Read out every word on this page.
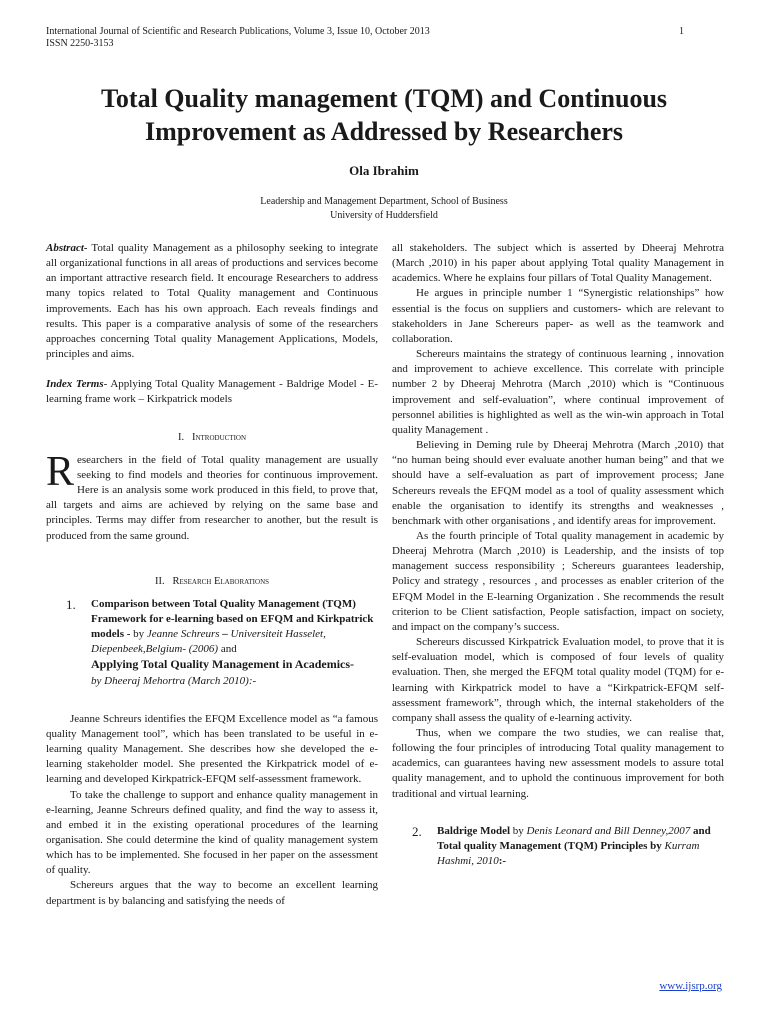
International Journal of Scientific and Research Publications, Volume 3, Issue 10, October 2013
ISSN 2250-3153
1
Total Quality management (TQM) and Continuous
Improvement as Addressed by Researchers
Ola Ibrahim
Leadership and Management Department, School of Business
University of Huddersfield

Abstract- Total quality Management as a philosophy seeking to integrate all organizational functions in all areas of productions and services become an important attractive research field. It encourage Researchers to address many topics related to Total Quality management and Continuous improvements. Each has his own approach. Each reveals findings and results. This paper is a comparative analysis of some of the researchers approaches concerning Total quality Management Applications, Models, principles and aims.

Index Terms- Applying Total Quality Management - Baldrige Model - E- learning frame work – Kirkpatrick models

I. Introduction

Researchers in the field of Total quality management are usually seeking to find models and theories for continuous improvement. Here is an analysis some work produced in this field, to prove that, all targets and aims are achieved by relying on the same base and principles. Terms may differ from researcher to another, but the result is produced from the same ground.

II. Research Elaborations

1.	Comparison between Total Quality Management (TQM) Framework for e-learning based on EFQM and Kirkpatrick models - by Jeanne Schreurs – Universiteit Hasselet, Diepenbeek,Belgium- (2006) and
Applying Total Quality Management in Academics-
by Dheeraj Mehortra (March 2010):-

Jeanne Schreurs identifies the EFQM Excellence model as “a famous quality Management tool”, which has been translated to be useful in e-learning quality Management. She describes how she developed the e-learning stakeholder model. She presented the Kirkpatrick model of e-learning and developed Kirkpatrick-EFQM self-assessment framework.

To take the challenge to support and enhance quality management in e-learning, Jeanne Schreurs defined quality, and find the way to assess it, and embed it in the existing operational procedures of the learning organisation. She could determine the kind of quality management system which has to be implemented. She focused in her paper on the assessment of quality.

Schereurs argues that the way to become an excellent learning department is by balancing and satisfying the needs of

all stakeholders. The subject which is asserted by Dheeraj Mehrotra (March ,2010) in his paper about applying Total quality Management in academics. Where he explains four pillars of Total Quality Management.

He argues in principle number 1 “Synergistic relationships” how essential is the focus on suppliers and customers- which are relevant to stakeholders in Jane Schereurs paper- as well as the teamwork and collaboration.

Schereurs maintains the strategy of continuous learning , innovation and improvement to achieve excellence. This correlate with principle number 2 by Dheeraj Mehrotra (March ,2010) which is “Continuous improvement and self-evaluation”, where continual improvement of personnel abilities is highlighted as well as the win-win approach in Total quality Management .

Believing in Deming rule by Dheeraj Mehrotra (March ,2010) that “no human being should ever evaluate another human being” and that we should have a self-evaluation as part of improvement process; Jane Schereurs reveals the EFQM model as a tool of quality assessment which enable the organisation to identify its strengths and weaknesses , benchmark with other organisations , and identify areas for improvement.

As the fourth principle of Total quality management in academic by Dheeraj Mehrotra (March ,2010) is Leadership, and the insists of top management success responsibility ; Schereurs guarantees leadership, Policy and strategy , resources , and processes as enabler criterion of the EFQM Model in the E-learning Organization . She recommends the result criterion to be Client satisfaction, People satisfaction, impact on society, and impact on the company’s success.

Schereurs discussed Kirkpatrick Evaluation model, to prove that it is self-evaluation model, which is composed of four levels of quality evaluation. Then, she merged the EFQM total quality model (TQM) for e-learning with Kirkpatrick model to have a “Kirkpatrick-EFQM self-assessment framework”, through which, the internal stakeholders of the company shall assess the quality of e-learning activity.

Thus, when we compare the two studies, we can realise that, following the four principles of introducing Total quality management to academics, can guarantees having new assessment models to assure total quality management, and to uphold the continuous improvement for both traditional and virtual learning.

2.	Baldrige Model by Denis Leonard and Bill Denney,2007 and Total quality Management (TQM) Principles by Kurram Hashmi, 2010:-
www.ijsrp.org
